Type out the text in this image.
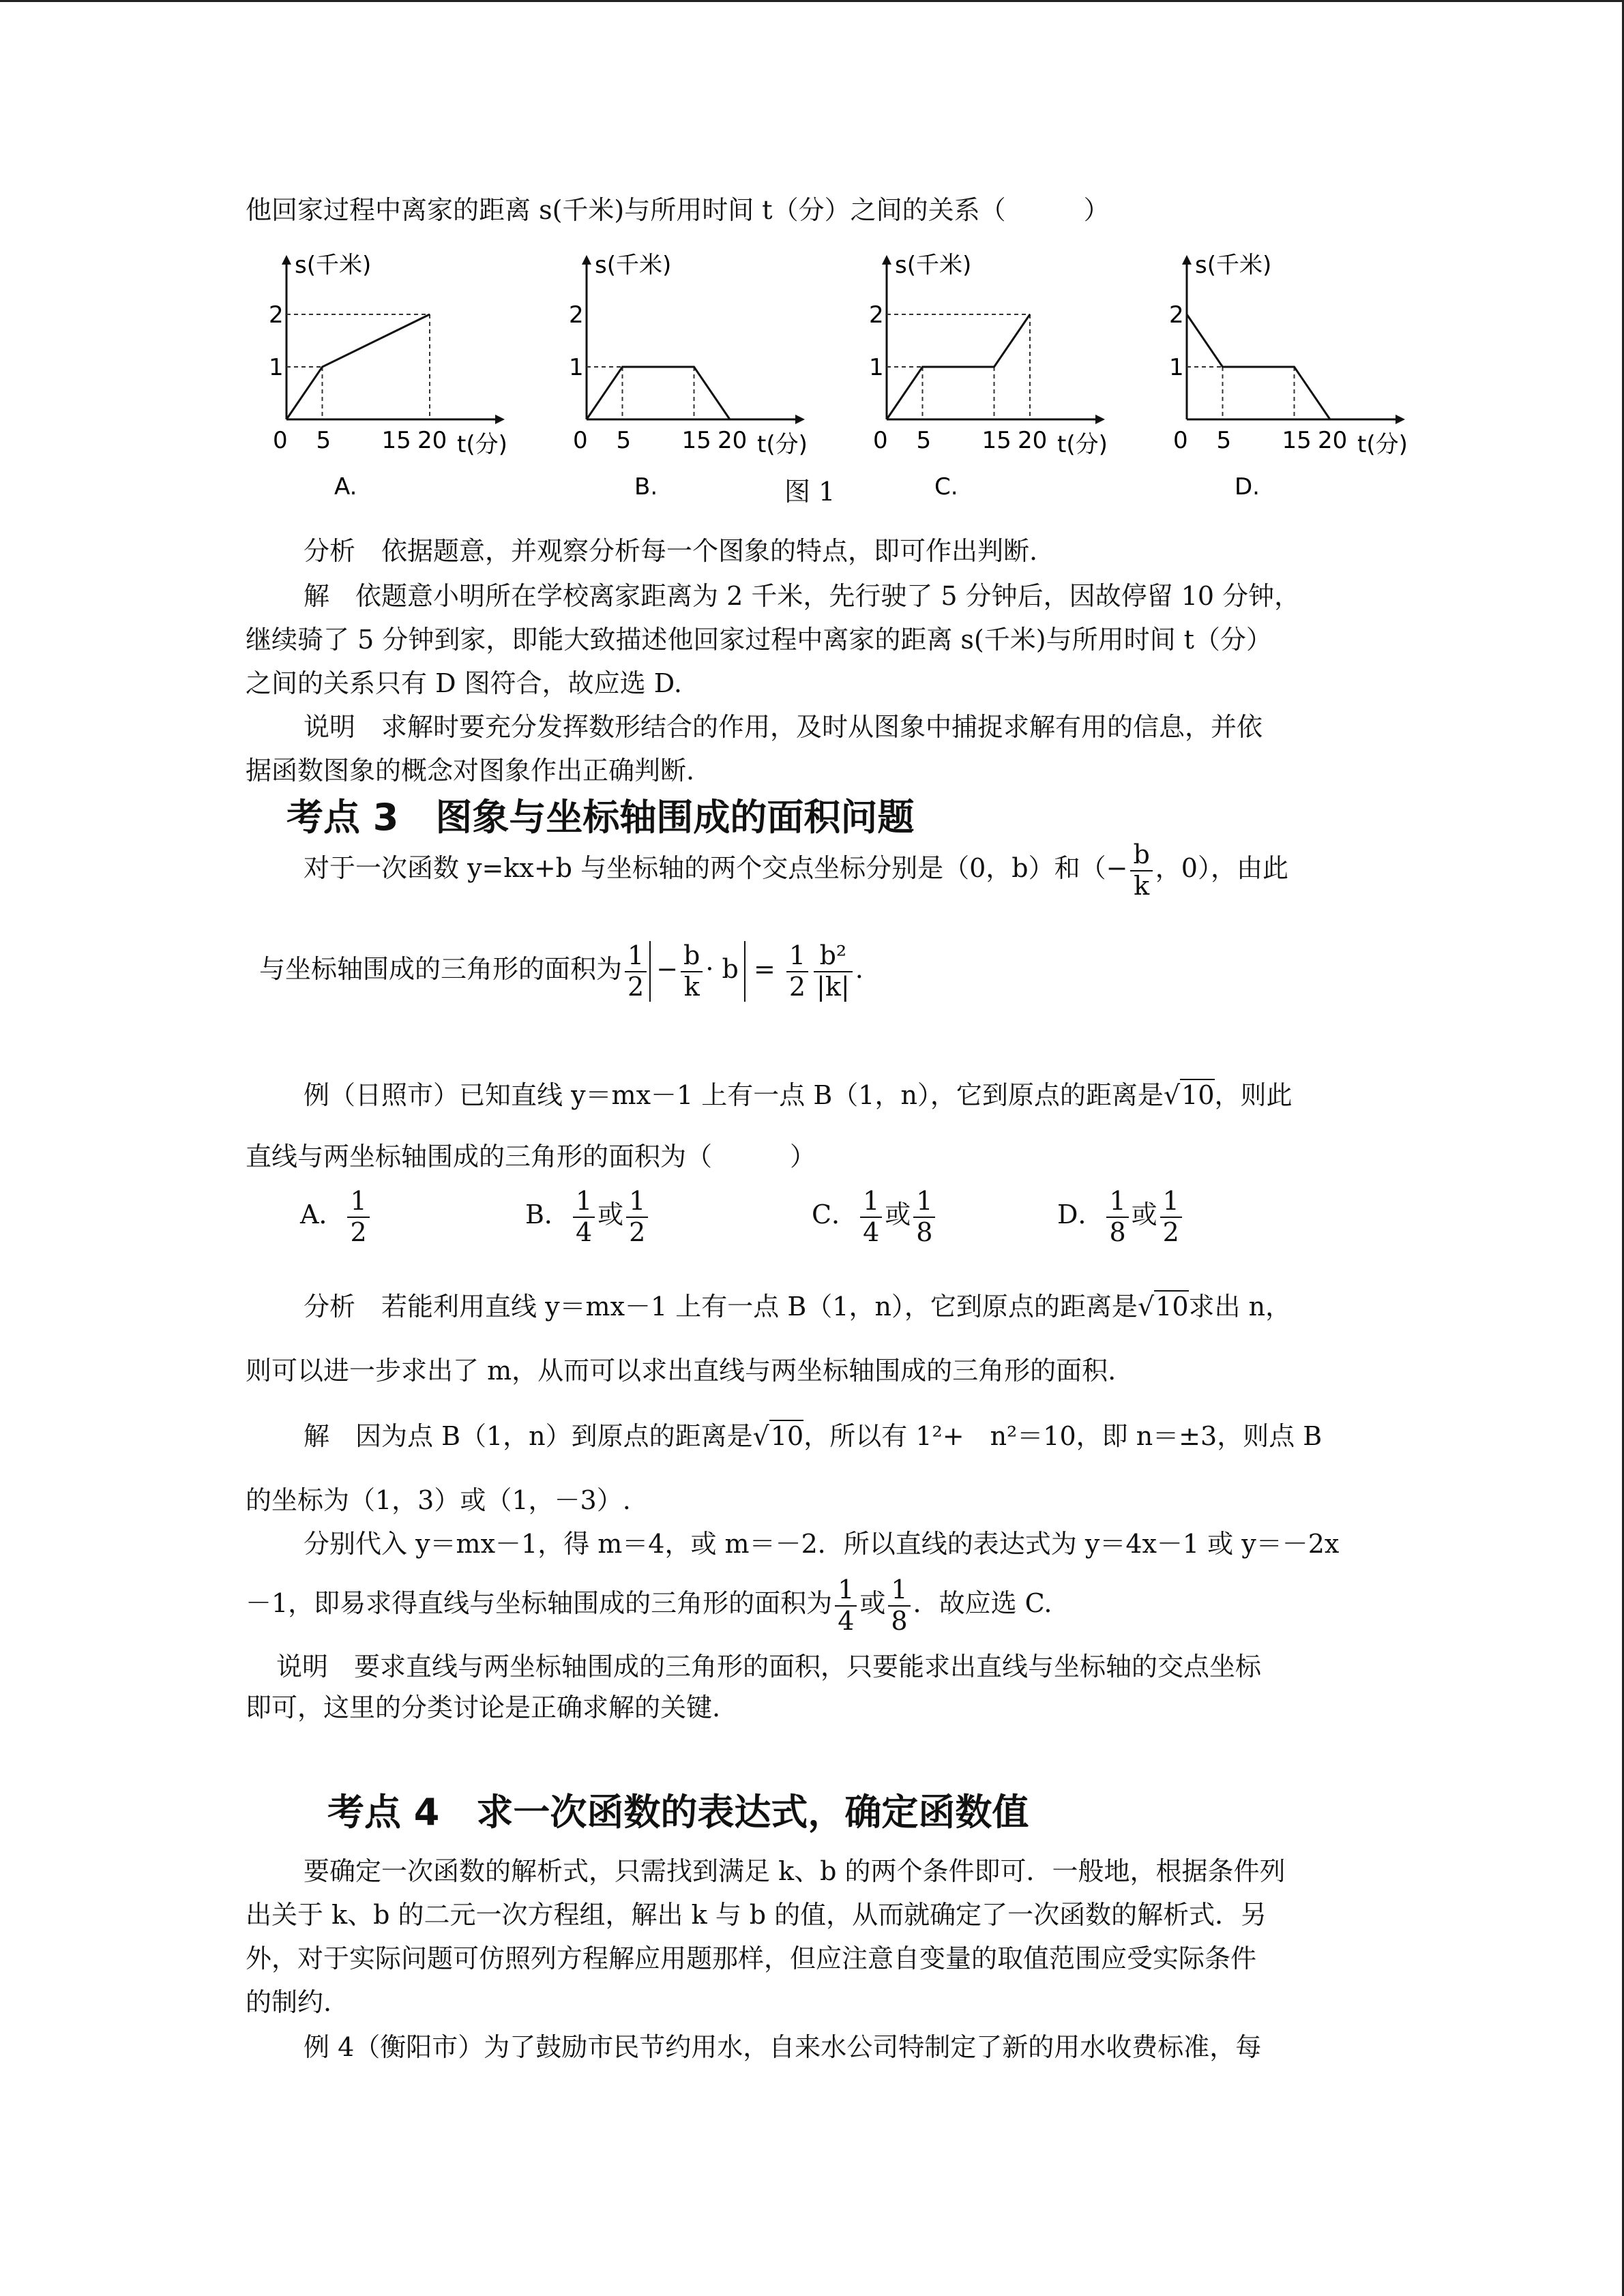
他回家过程中离家的距离 s(千米)与所用时间 t（分）之间的关系（　　　）
1
2
0 5 15 20
s(千米)
t(分)
A.
1
2
0 5 15 20
s(千米)
t(分)
B.
1
2
0 5 15 20
s(千米)
t(分)
C.
1
2
0 5 15 20
s(千米)
t(分)
D.
图 1
分析　依据题意，并观察分析每一个图象的特点，即可作出判断.
解　依题意小明所在学校离家距离为 2 千米，先行驶了 5 分钟后，因故停留 10 分钟，
继续骑了 5 分钟到家，即能大致描述他回家过程中离家的距离 s(千米)与所用时间 t（分）
之间的关系只有 D 图符合，故应选 D.
说明　求解时要充分发挥数形结合的作用，及时从图象中捕捉求解有用的信息，并依
据函数图象的概念对图象作出正确判断.
考点 3　图象与坐标轴围成的面积问题
对于一次函数 y=kx+b 与坐标轴的两个交点坐标分别是（0，b）和（− $\frac{b}{k}$ ，0），由此
与坐标轴围成的三角形的面积为 $\frac{1}{2} - \frac{b}{k} \cdot b = \frac{1}{2} \frac{\text{b²}}{|k|}$ .
例（日照市）已知直线 y＝mx－1 上有一点 B（1，n），它到原点的距离是√10，则此
直线与两坐标轴围成的三角形的面积为（　　　）
A． $\frac{1}{2}$	B． $\frac{1}{4}$ 或 $\frac{1}{2}$	C． $\frac{1}{4}$ 或 $\frac{1}{8}$	D． $\frac{1}{8}$ 或 $\frac{1}{2}$
分析　若能利用直线 y＝mx－1 上有一点 B（1，n），它到原点的距离是√10求出 n，
则可以进一步求出了 m，从而可以求出直线与两坐标轴围成的三角形的面积.
解　因为点 B（1，n）到原点的距离是√10，所以有 1²+　n²＝10，即 n＝±3，则点 B
的坐标为（1，3）或（1，－3）.
分别代入 y＝mx－1，得 m＝4，或 m＝－2．所以直线的表达式为 y＝4x－1 或 y＝－2x
－1，即易求得直线与坐标轴围成的三角形的面积为 $\frac{1}{4}$ 或 $\frac{1}{8}$ ．故应选 C.
说明　要求直线与两坐标轴围成的三角形的面积，只要能求出直线与坐标轴的交点坐标
即可，这里的分类讨论是正确求解的关键.
考点 4　求一次函数的表达式，确定函数值
要确定一次函数的解析式，只需找到满足 k、b 的两个条件即可．一般地，根据条件列
出关于 k、b 的二元一次方程组，解出 k 与 b 的值，从而就确定了一次函数的解析式．另
外，对于实际问题可仿照列方程解应用题那样，但应注意自变量的取值范围应受实际条件
的制约.
例 4（衡阳市）为了鼓励市民节约用水，自来水公司特制定了新的用水收费标准，每
